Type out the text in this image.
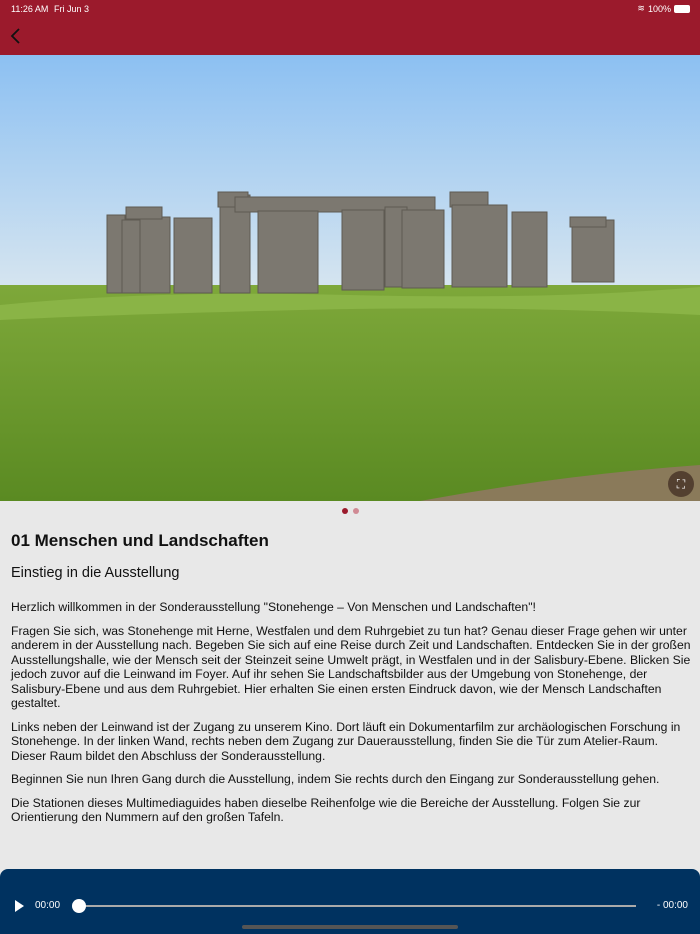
11:26 AM Fri Jun 3	≋ 100%
⛶
01 Menschen und Landschaften
Einstieg in die Ausstellung

Herzlich willkommen in der Sonderausstellung "Stonehenge – Von Menschen und Landschaften"!

Fragen Sie sich, was Stonehenge mit Herne, Westfalen und dem Ruhrgebiet zu tun hat? Genau dieser Frage gehen wir unter anderem in der Ausstellung nach. Begeben Sie sich auf eine Reise durch Zeit und Landschaften. Entdecken Sie in der großen Ausstellungshalle, wie der Mensch seit der Steinzeit seine Umwelt prägt, in Westfalen und in der Salisbury-Ebene. Blicken Sie jedoch zuvor auf die Leinwand im Foyer. Auf ihr sehen Sie Landschaftsbilder aus der Umgebung von Stonehenge, der Salisbury-Ebene und aus dem Ruhrgebiet. Hier erhalten Sie einen ersten Eindruck davon, wie der Mensch Landschaften gestaltet.

Links neben der Leinwand ist der Zugang zu unserem Kino. Dort läuft ein Dokumentarfilm zur archäologischen Forschung in Stonehenge. In der linken Wand, rechts neben dem Zugang zur Dauerausstellung, finden Sie die Tür zum Atelier-Raum. Dieser Raum bildet den Abschluss der Sonderausstellung.

Beginnen Sie nun Ihren Gang durch die Ausstellung, indem Sie rechts durch den Eingang zur Sonderausstellung gehen.

Die Stationen dieses Multimediaguides haben dieselbe Reihenfolge wie die Bereiche der Ausstellung. Folgen Sie zur Orientierung den Nummern auf den großen Tafeln.

00:00	- 00:00
